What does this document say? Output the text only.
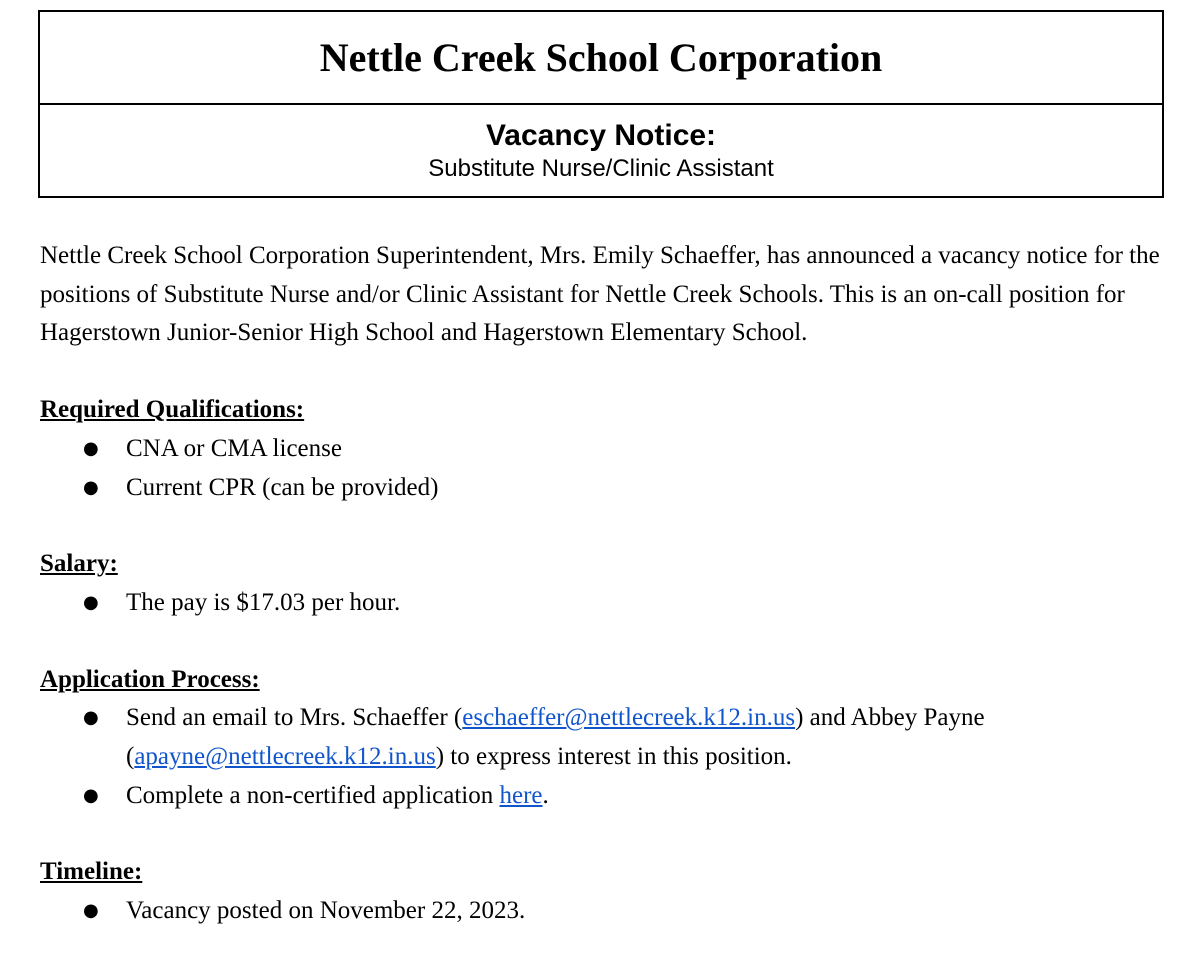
Nettle Creek School Corporation
Vacancy Notice:
Substitute Nurse/Clinic Assistant

Nettle Creek School Corporation Superintendent, Mrs. Emily Schaeffer, has announced a vacancy notice for the positions of Substitute Nurse and/or Clinic Assistant for Nettle Creek Schools. This is an on-call position for Hagerstown Junior-Senior High School and Hagerstown Elementary School.

Required Qualifications:
● CNA or CMA license
● Current CPR (can be provided)
Salary:
● The pay is $17.03 per hour.
Application Process:
● Send an email to Mrs. Schaeffer (eschaeffer@nettlecreek.k12.in.us) and Abbey Payne (apayne@nettlecreek.k12.in.us) to express interest in this position.
● Complete a non-certified application here.
Timeline:
● Vacancy posted on November 22, 2023.
